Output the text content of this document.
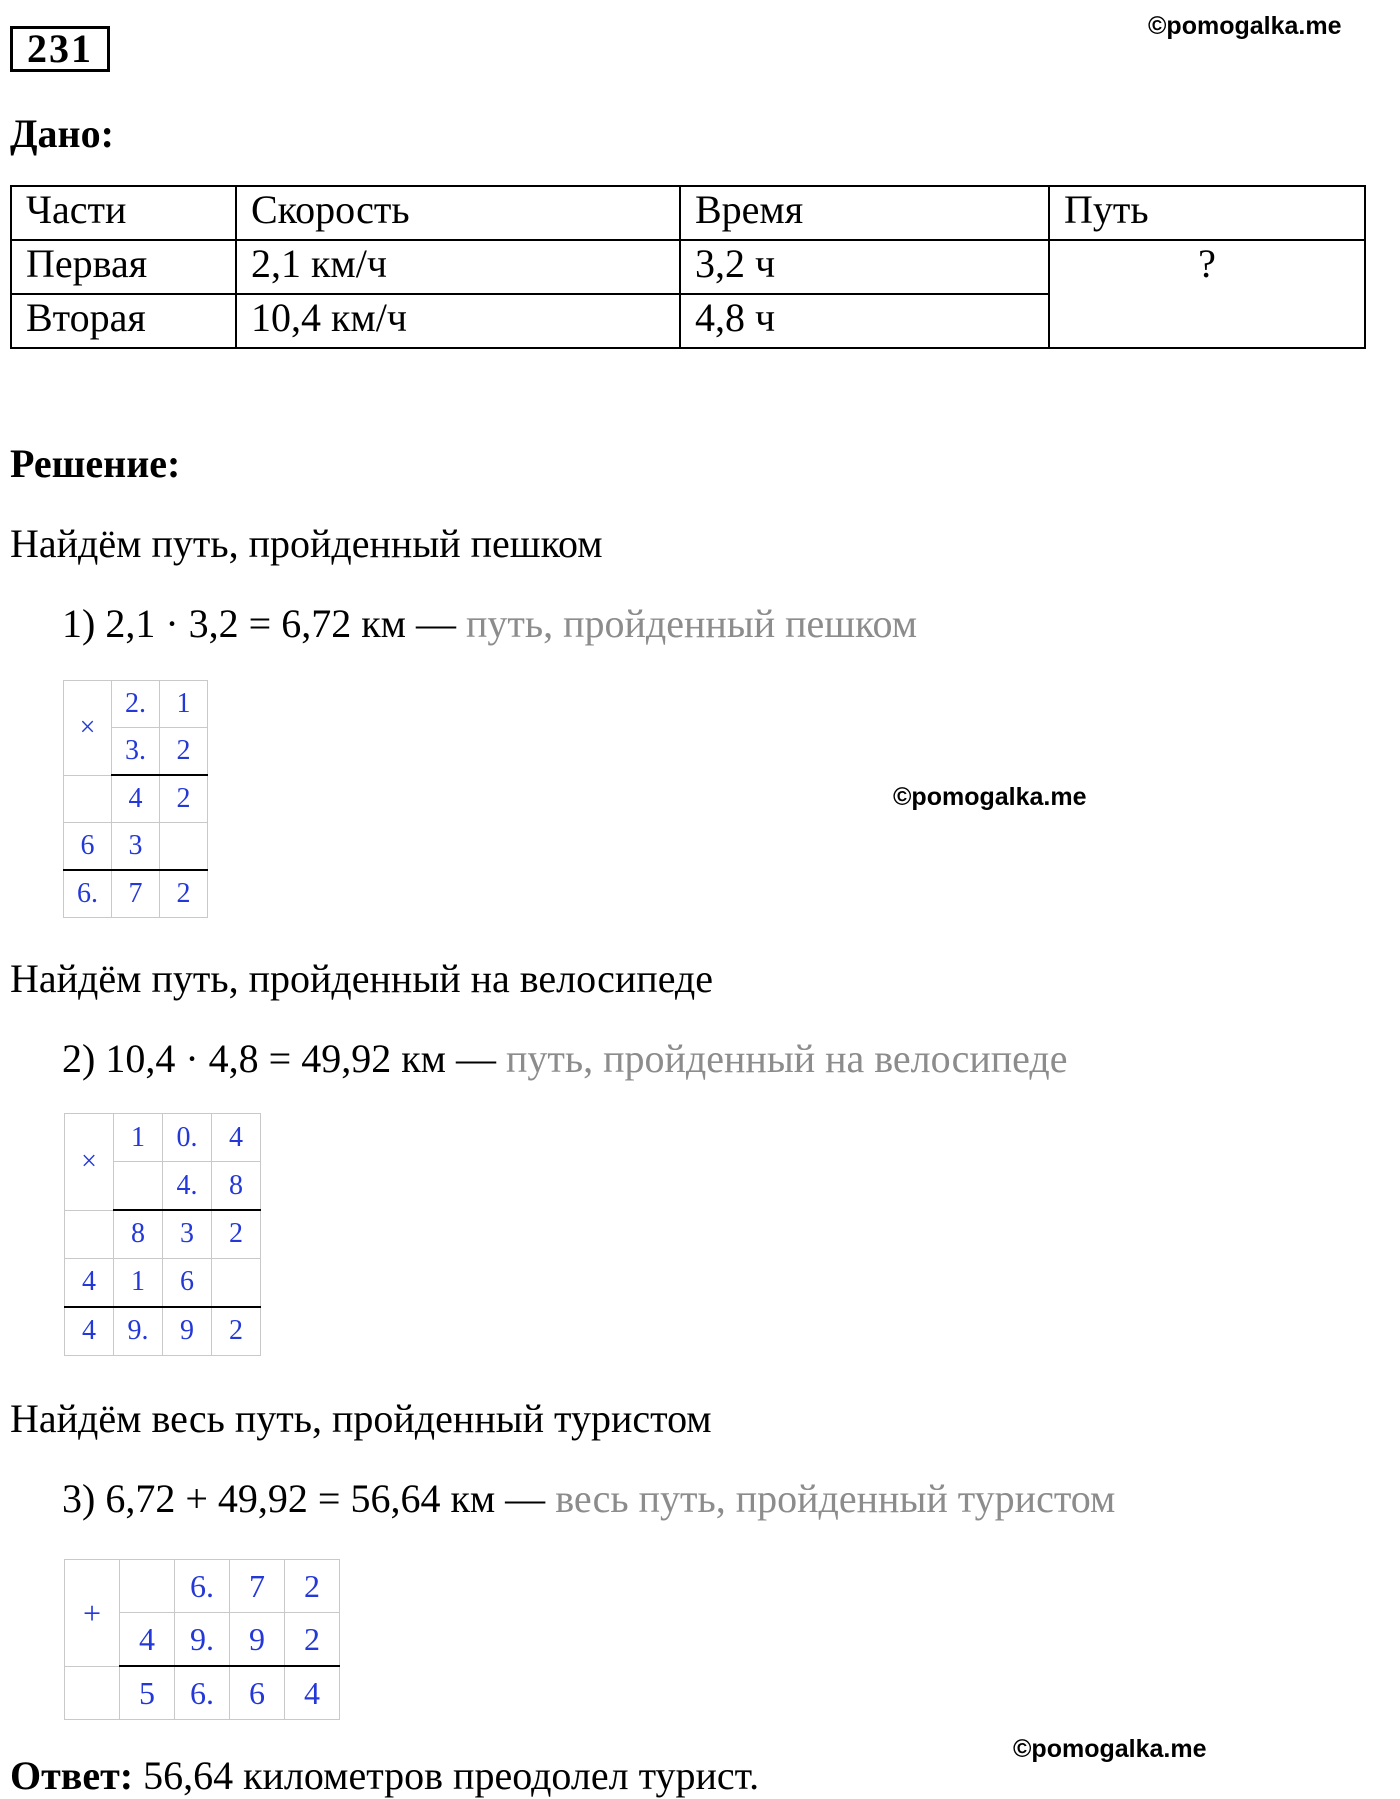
231	©pomogalka.me
Дано:
Части	Скорость	Время	Путь
Первая	2,1 км/ч	3,2 ч	?
Вторая	10,4 км/ч	4,8 ч	
Решение:
Найдём путь, пройденный пешком
1) 2,1 · 3,2 = 6,72 км — путь, пройденный пешком
×	2.	1
	3.	2
	4	2
6	3	
6.	7	2
©pomogalka.me
Найдём путь, пройденный на велосипеде
2) 10,4 · 4,8 = 49,92 км — путь, пройденный на велосипеде
×	1	0.	4
		4.	8
	8	3	2
4	1	6	
4	9.	9	2
Найдём весь путь, пройденный туристом
3) 6,72 + 49,92 = 56,64 км — весь путь, пройденный туристом
+		6.	7	2
	4	9.	9	2
	5	6.	6	4
©pomogalka.me
Ответ: 56,64 километров преодолел турист.
